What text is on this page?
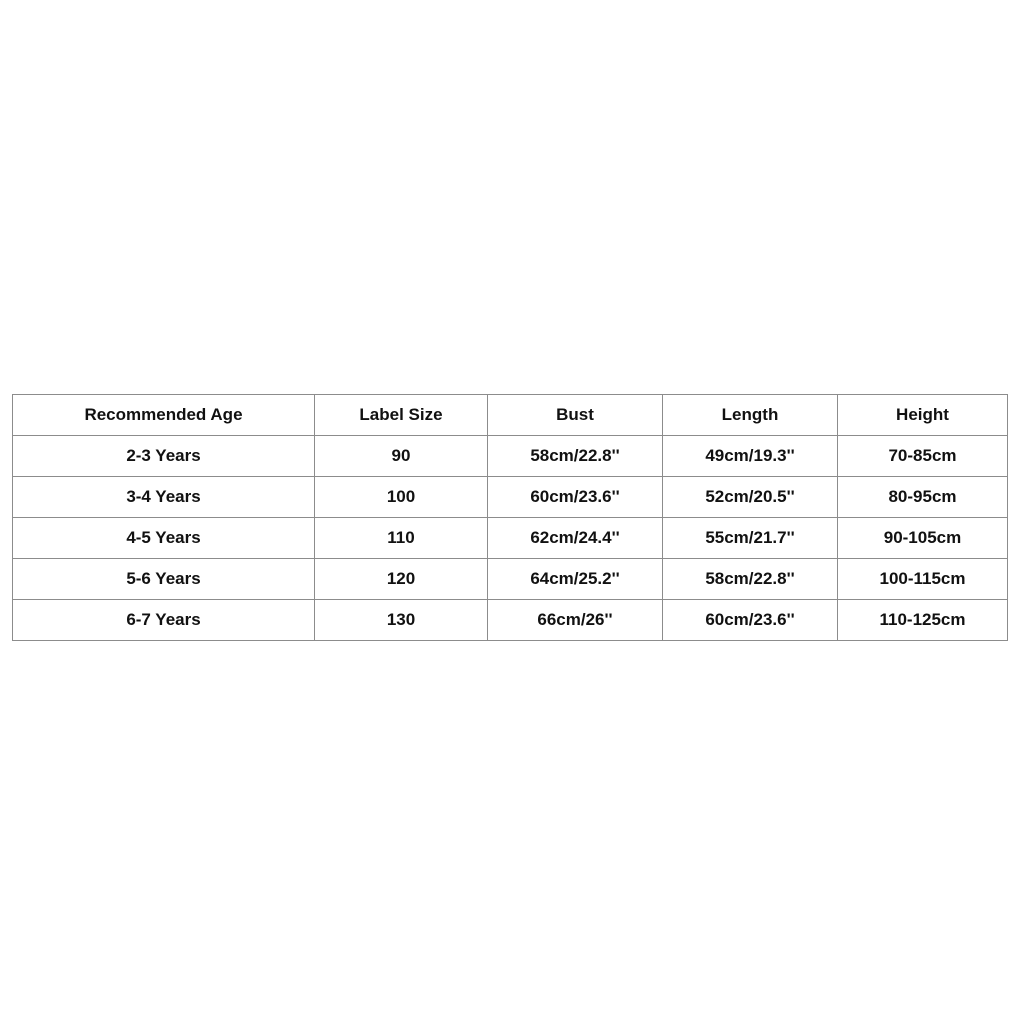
Recommended Age	Label Size	Bust	Length	Height
2-3 Years	90	58cm/22.8''	49cm/19.3''	70-85cm
3-4 Years	100	60cm/23.6''	52cm/20.5''	80-95cm
4-5 Years	110	62cm/24.4''	55cm/21.7''	90-105cm
5-6 Years	120	64cm/25.2''	58cm/22.8''	100-115cm
6-7 Years	130	66cm/26''	60cm/23.6''	110-125cm
